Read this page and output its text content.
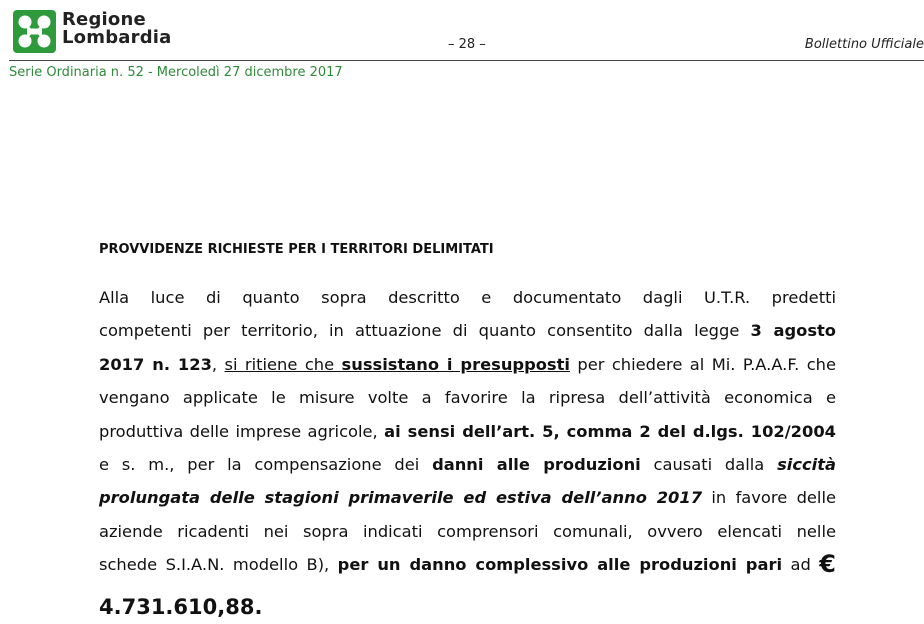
Regione
Lombardia	– 28 –	Bollettino Ufficiale
Serie Ordinaria n. 52 - Mercoledì 27 dicembre 2017
PROVVIDENZE RICHIESTE PER I TERRITORI DELIMITATI
Alla luce di quanto sopra descritto e documentato dagli U.T.R. predetti
competenti per territorio, in attuazione di quanto consentito dalla legge 3 agosto
2017 n. 123, si ritiene che sussistano i presupposti per chiedere al Mi. P.A.A.F. che
vengano applicate le misure volte a favorire la ripresa dell’attività economica e
produttiva delle imprese agricole, ai sensi dell’art. 5, comma 2 del d.lgs. 102/2004
e s. m., per la compensazione dei danni alle produzioni causati dalla siccità
prolungata delle stagioni primaverile ed estiva dell’anno 2017 in favore delle
aziende ricadenti nei sopra indicati comprensori comunali, ovvero elencati nelle
schede S.I.A.N. modello B), per un danno complessivo alle produzioni pari ad €
4.731.610,88.
